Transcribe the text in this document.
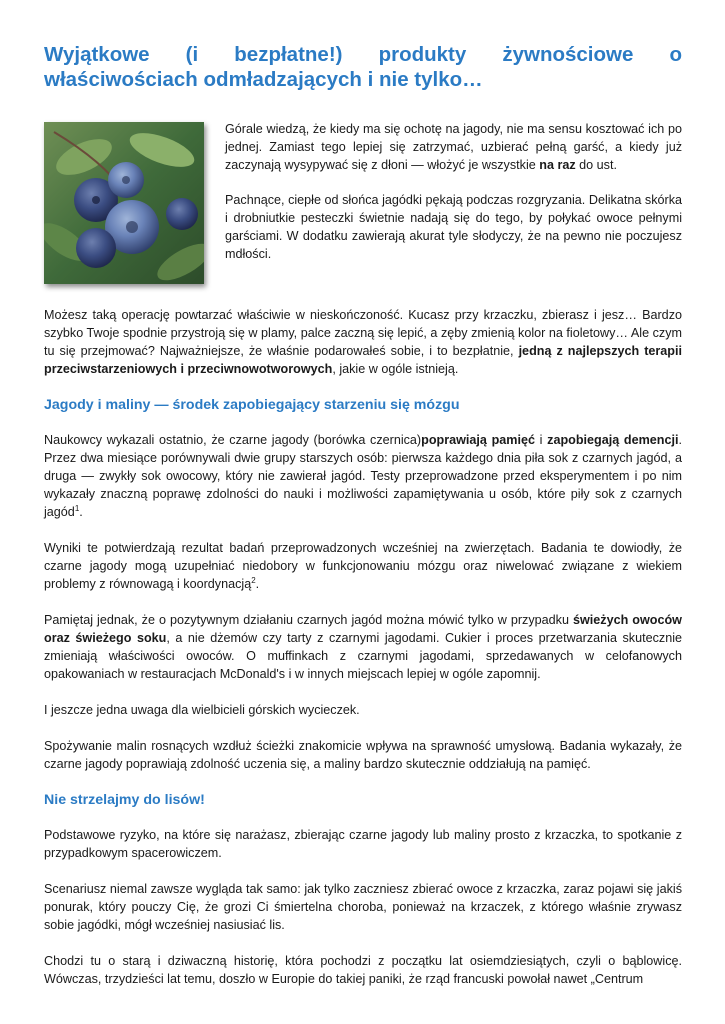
Wyjątkowe (i bezpłatne!) produkty żywnościowe o
właściwościach odmładzających i nie tylko…

Górale wiedzą, że kiedy ma się ochotę na jagody, nie ma sensu kosztować ich po jednej. Zamiast tego lepiej się zatrzymać, uzbierać pełną garść, a kiedy już zaczynają wysypywać się z dłoni — włożyć je wszystkie na raz do ust.

Pachnące, ciepłe od słońca jagódki pękają podczas rozgryzania. Delikatna skórka i drobniutkie pesteczki świetnie nadają się do tego, by połykać owoce pełnymi garściami. W dodatku zawierają akurat tyle słodyczy, że na pewno nie poczujesz mdłości.

Możesz taką operację powtarzać właściwie w nieskończoność. Kucasz przy krzaczku, zbierasz i jesz… Bardzo szybko Twoje spodnie przystroją się w plamy, palce zaczną się lepić, a zęby zmienią kolor na fioletowy… Ale czym tu się przejmować? Najważniejsze, że właśnie podarowałeś sobie, i to bezpłatnie, jedną z najlepszych terapii przeciwstarzeniowych i przeciwnowotworowych, jakie w ogóle istnieją.

Jagody i maliny — środek zapobiegający starzeniu się mózgu

Naukowcy wykazali ostatnio, że czarne jagody (borówka czernica)poprawiają pamięć i zapobiegają demencji. Przez dwa miesiące porównywali dwie grupy starszych osób: pierwsza każdego dnia piła sok z czarnych jagód, a druga — zwykły sok owocowy, który nie zawierał jagód. Testy przeprowadzone przed eksperymentem i po nim wykazały znaczną poprawę zdolności do nauki i możliwości zapamiętywania u osób, które piły sok z czarnych jagód$^1$.

Wyniki te potwierdzają rezultat badań przeprowadzonych wcześniej na zwierzętach. Badania te dowiodły, że czarne jagody mogą uzupełniać niedobory w funkcjonowaniu mózgu oraz niwelować związane z wiekiem problemy z równowagą i koordynacją$^2$.

Pamiętaj jednak, że o pozytywnym działaniu czarnych jagód można mówić tylko w przypadku świeżych owoców oraz świeżego soku, a nie dżemów czy tarty z czarnymi jagodami. Cukier i proces przetwarzania skutecznie zmieniają właściwości owoców. O muffinkach z czarnymi jagodami, sprzedawanych w celofanowych opakowaniach w restauracjach McDonald's i w innych miejscach lepiej w ogóle zapomnij.

I jeszcze jedna uwaga dla wielbicieli górskich wycieczek.

Spożywanie malin rosnących wzdłuż ścieżki znakomicie wpływa na sprawność umysłową. Badania wykazały, że czarne jagody poprawiają zdolność uczenia się, a maliny bardzo skutecznie oddziałują na pamięć.

Nie strzelajmy do lisów!

Podstawowe ryzyko, na które się narażasz, zbierając czarne jagody lub maliny prosto z krzaczka, to spotkanie z przypadkowym spacerowiczem.

Scenariusz niemal zawsze wygląda tak samo: jak tylko zaczniesz zbierać owoce z krzaczka, zaraz pojawi się jakiś ponurak, który pouczy Cię, że grozi Ci śmiertelna choroba, ponieważ na krzaczek, z którego właśnie zrywasz sobie jagódki, mógł wcześniej nasiusiać lis.

Chodzi tu o starą i dziwaczną historię, która pochodzi z początku lat osiemdziesiątych, czyli o bąblowicę. Wówczas, trzydzieści lat temu, doszło w Europie do takiej paniki, że rząd francuski powołał nawet „Centrum
